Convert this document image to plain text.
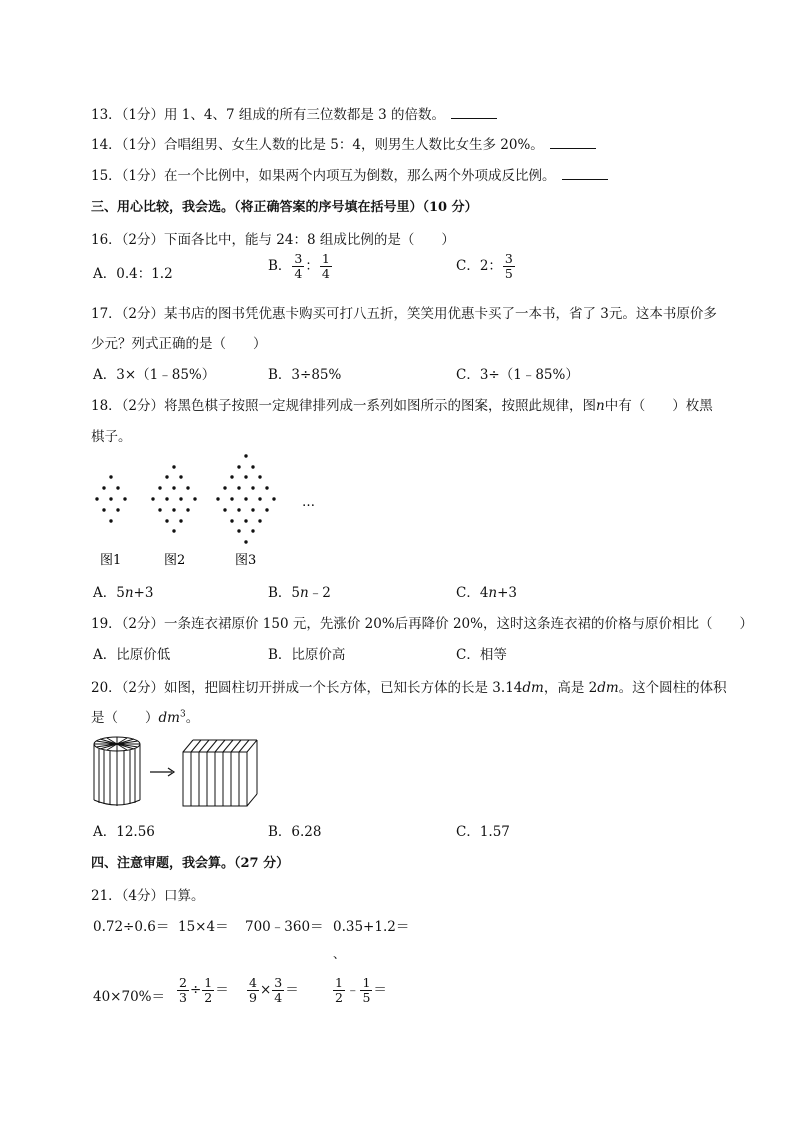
13．（1分）用 1、4、7 组成的所有三位数都是 3 的倍数。
14．（1分）合唱组男、女生人数的比是 5：4，则男生人数比女生多 20%。
15．（1分）在一个比例中，如果两个内项互为倒数，那么两个外项成反比例。
三、用心比较，我会选。（将正确答案的序号填在括号里）（10 分）
16．（2分）下面各比中，能与 24：8 组成比例的是（　　）
A．0.4：1.2	B． $\frac{3}{4}$ ： $\frac{1}{4}$	C．2： $\frac{3}{5}$
17．（2分）某书店的图书凭优惠卡购买可打八五折，笑笑用优惠卡买了一本书，省了 3元。这本书原价多
少元？列式正确的是（　　）
A．3×（1﹣85%）	B．3÷85%	C．3÷（1﹣85%）
18．（2分）将黑色棋子按照一定规律排列成一系列如图所示的图案，按照此规律，图n中有（　　）枚黑
棋子。
…
图1	图2	图3
A．5n+3	B．5n﹣2	C．4n+3
19．（2分）一条连衣裙原价 150 元，先涨价 20%后再降价 20%，这时这条连衣裙的价格与原价相比（　　）
A．比原价低	B．比原价高	C．相等
20．（2分）如图，把圆柱切开拼成一个长方体，已知长方体的长是 3.14dm，高是 2dm。这个圆柱的体积
是（　　）$dm^3$。
A．12.56	B．6.28	C．1.57
四、注意审题，我会算。（27 分）
21．（4分）口算。
0.72÷0.6＝ 15×4＝ 700﹣360＝ 0.35+1.2＝
、
$40\times 70\%= \frac{2}{3} \div \frac{1}{2} = \frac{4}{9} \times \frac{3}{4}$ ＝	$\frac{1}{2}$ ﹣ $\frac{1}{5}$ ＝
